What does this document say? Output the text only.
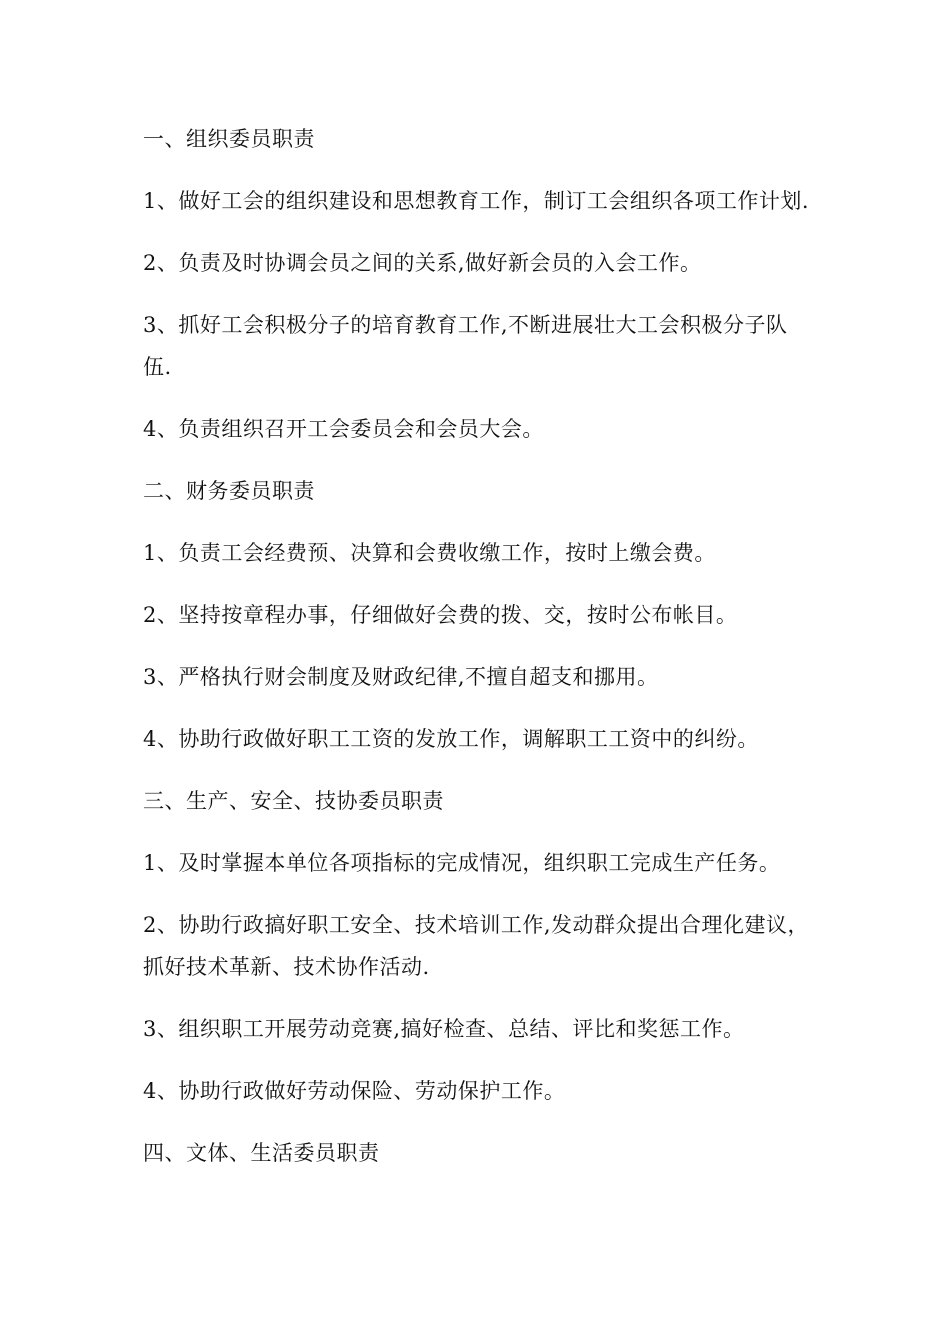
一、组织委员职责

1、做好工会的组织建设和思想教育工作，制订工会组织各项工作计划.

2、负责及时协调会员之间的关系,做好新会员的入会工作。

3、抓好工会积极分子的培育教育工作,不断进展壮大工会积极分子队伍.

4、负责组织召开工会委员会和会员大会。

二、财务委员职责

1、负责工会经费预、决算和会费收缴工作，按时上缴会费。

2、坚持按章程办事，仔细做好会费的拨、交，按时公布帐目。

3、严格执行财会制度及财政纪律,不擅自超支和挪用。

4、协助行政做好职工工资的发放工作，调解职工工资中的纠纷。

三、生产、安全、技协委员职责

1、及时掌握本单位各项指标的完成情况，组织职工完成生产任务。

2、协助行政搞好职工安全、技术培训工作,发动群众提出合理化建议，抓好技术革新、技术协作活动.

3、组织职工开展劳动竞赛,搞好检查、总结、评比和奖惩工作。

4、协助行政做好劳动保险、劳动保护工作。

四、文体、生活委员职责
